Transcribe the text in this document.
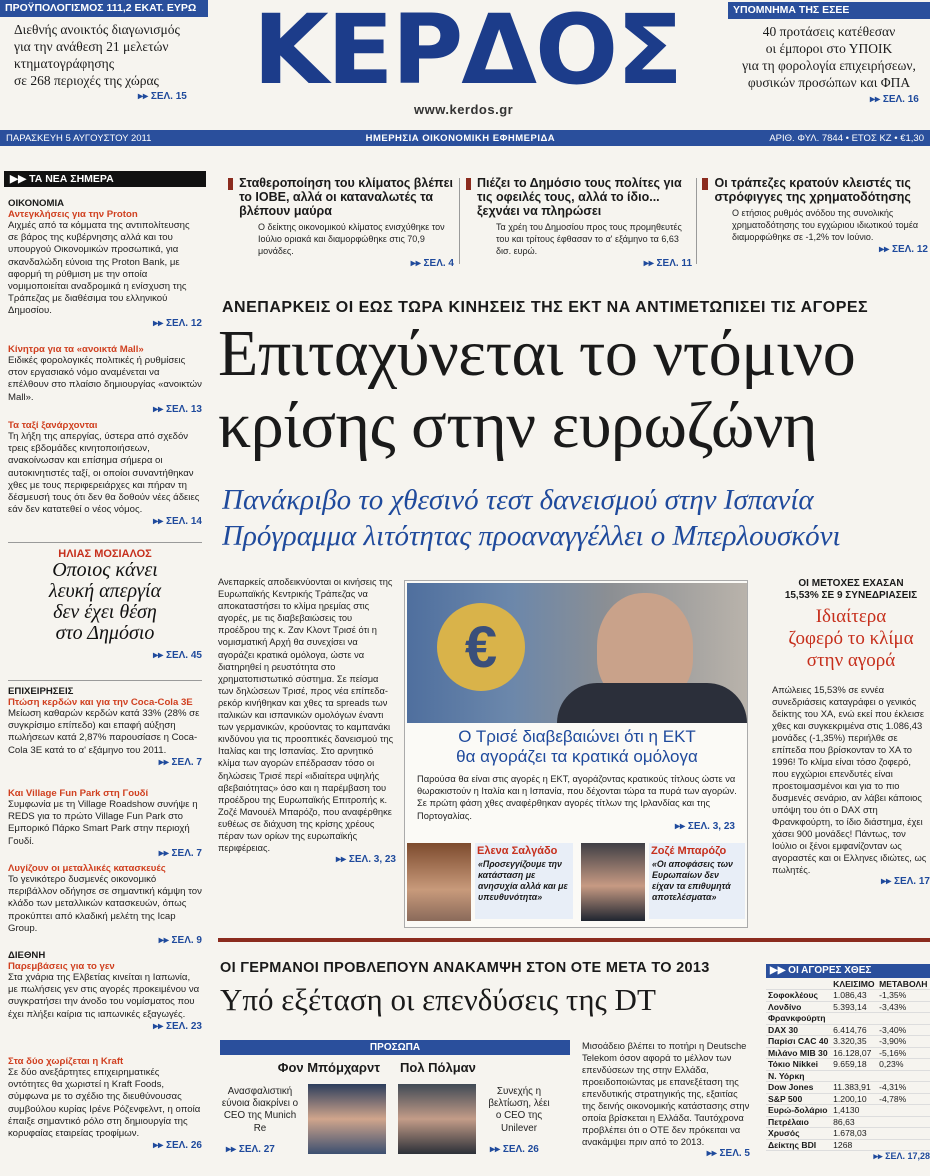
ΠΡΟΫΠΟΛΟΓΙΣΜΟΣ 111,2 ΕΚΑΤ. ΕΥΡΩ
Διεθνής ανοικτός διαγωνισμός
για την ανάθεση 21 μελετών
κτηματογράφησης
σε 268 περιοχές της χώρας
▸▸ ΣΕΛ. 15 ΚΕΡΔΟΣ
www.kerdos.gr
ΥΠΟΜΝΗΜΑ ΤΗΣ ΕΣΕΕ
40 προτάσεις κατέθεσαν
οι έμποροι στο ΥΠΟΙΚ
για τη φορολογία επιχειρήσεων,
φυσικών προσώπων και ΦΠΑ
▸▸ ΣΕΛ. 16
ΠΑΡΑΣΚΕΥΗ 5 ΑΥΓΟΥΣΤΟΥ 2011	ΗΜΕΡΗΣΙΑ ΟΙΚΟΝΟΜΙΚΗ ΕΦΗΜΕΡΙΔΑ	ΑΡΙΘ. ΦΥΛ. 7844 • ΕΤΟΣ ΚΖ • €1,30
▶▶ ΤΑ ΝΕΑ ΣΗΜΕΡΑ
ΟΙΚΟΝΟΜΙΑ
Αντεγκλήσεις για την Proton
Αιχμές από τα κόμματα της αντιπολίτευσης σε βάρος της κυβέρνησης αλλά και του υπουργού Οικονομικών προσωπικά, για σκανδαλώδη εύνοια της Proton Bank, με αφορμή τη ρύθμιση με την οποία νομιμοποιείται αναδρομικά η ενίσχυση της Τράπεζας με διαθέσιμα του ελληνικού Δημοσίου.
▸▸ ΣΕΛ. 12
Κίνητρα για τα «ανοικτά Mall»
Ειδικές φορολογικές πολιτικές ή ρυθμίσεις στον εργασιακό νόμο αναμένεται να επέλθουν στο πλαίσιο δημιουργίας «ανοικτών Mall».
▸▸ ΣΕΛ. 13
Τα ταξί ξανάρχονται
Τη λήξη της απεργίας, ύστερα από σχεδόν τρεις εβδομάδες κινητοποιήσεων, ανακοίνωσαν και επίσημα σήμερα οι αυτοκινητιστές ταξί, οι οποίοι συναντήθηκαν χθες με τους περιφερειάρχες και πήραν τη δέσμευσή τους ότι δεν θα δοθούν νέες άδειες εάν δεν κατατεθεί ο νέος νόμος.
▸▸ ΣΕΛ. 14
ΗΛΙΑΣ ΜΟΣΙΑΛΟΣ
Οποιος κάνει
λευκή απεργία
δεν έχει θέση
στο Δημόσιο
▸▸ ΣΕΛ. 45
ΕΠΙΧΕΙΡΗΣΕΙΣ
Πτώση κερδών και για την Coca-Cola 3E
Μείωση καθαρών κερδών κατά 33% (28% σε συγκρίσιμο επίπεδο) και επαφή αύξηση πωλήσεων κατά 2,87% παρουσίασε η Coca-Cola 3Ε κατά το α' εξάμηνο του 2011.
▸▸ ΣΕΛ. 7
Και Village Fun Park στη Γουδί
Συμφωνία με τη Village Roadshow συνήψε η REDS για το πρώτο Village Fun Park στο Εμπορικό Πάρκο Smart Park στην περιοχή Γουδί.
▸▸ ΣΕΛ. 7
Λυγίζουν οι μεταλλικές κατασκευές
Το γενικότερο δυσμενές οικονομικό περιβάλλον οδήγησε σε σημαντική κάμψη τον κλάδο των μεταλλικών κατασκευών, όπως προκύπτει από κλαδική μελέτη της Icap Group.
▸▸ ΣΕΛ. 9
ΔΙΕΘΝΗ
Παρεμβάσεις για το γεν
Στα χνάρια της Ελβετίας κινείται η Ιαπωνία, με πωλήσεις γεν στις αγορές προκειμένου να συγκρατήσει την άνοδο του νομίσματος που έχει πλήξει καίρια τις ιαπωνικές εξαγωγές.
▸▸ ΣΕΛ. 23
Στα δύο χωρίζεται η Kraft
Σε δύο ανεξάρτητες επιχειρηματικές οντότητες θα χωριστεί η Kraft Foods, σύμφωνα με το σχέδιο της διευθύνουσας συμβούλου κυρίας Ιρένε Ρόζενφελντ, η οποία έπαιξε σημαντικό ρόλο στη δημιουργία της κορυφαίας εταιρείας τροφίμων.
▸▸ ΣΕΛ. 26
Σταθεροποίηση του κλίματος βλέπει το ΙΟΒΕ, αλλά οι καταναλωτές τα βλέπουν μαύρα
Ο δείκτης οικονομικού κλίματος ενισχύθηκε τον Ιούλιο οριακά και διαμορφώθηκε στις 70,9 μονάδες.
▸▸ ΣΕΛ. 4
Πιέζει το Δημόσιο τους πολίτες για τις οφειλές τους, αλλά το ίδιο... ξεχνάει να πληρώσει
Τα χρέη του Δημοσίου προς τους προμηθευτές του και τρίτους έφθασαν το α' εξάμηνο τα 6,63 δισ. ευρώ.
▸▸ ΣΕΛ. 11
Οι τράπεζες κρατούν κλειστές τις στρόφιγγες της χρηματοδότησης
Ο ετήσιος ρυθμός ανόδου της συνολικής χρηματοδότησης του εγχώριου ιδιωτικού τομέα διαμορφώθηκε σε -1,2% τον Ιούνιο.
▸▸ ΣΕΛ. 12
ΑΝΕΠΑΡΚΕΙΣ ΟΙ ΕΩΣ ΤΩΡΑ ΚΙΝΗΣΕΙΣ ΤΗΣ ΕΚΤ ΝΑ ΑΝΤΙΜΕΤΩΠΙΣΕΙ ΤΙΣ ΑΓΟΡΕΣ
Επιταχύνεται το ντόμινο
κρίσης στην ευρωζώνη
Πανάκριβο το χθεσινό τεστ δανεισμού στην Ισπανία
Πρόγραμμα λιτότητας προαναγγέλλει ο Μπερλουσκόνι
Ανεπαρκείς αποδεικνύονται οι κινήσεις της Ευρωπαϊκής Κεντρικής Τράπεζας να αποκαταστήσει το κλίμα ηρεμίας στις αγορές, με τις διαβεβαιώσεις του προέδρου της κ. Ζαν Κλοντ Τρισέ ότι η νομισματική Αρχή θα συνεχίσει να αγοράζει κρατικά ομόλογα, ώστε να διατηρηθεί η ρευστότητα στο χρηματοπιστωτικό σύστημα. Σε πείσμα των δηλώσεων Τρισέ, προς νέα επίπεδα-ρεκόρ κινήθηκαν και χθες τα spreads των ιταλικών και ισπανικών ομολόγων έναντι των γερμανικών, κρούοντας το καμπανάκι κινδύνου για τις προοπτικές δανεισμού της Ιταλίας και της Ισπανίας. Στο αρνητικό κλίμα των αγορών επέδρασαν τόσο οι δηλώσεις Τρισέ περί «ιδιαίτερα υψηλής αβεβαιότητας» όσο και η παρέμβαση του προέδρου της Ευρωπαϊκής Επιτροπής κ. Ζοζέ Μανουέλ Μπαρόζο, που αναφέρθηκε ευθέως σε διάχυση της κρίσης χρέους πέραν των ορίων της ευρωπαϊκής περιφέρειας.
▸▸ ΣΕΛ. 3, 23
€
Ο Τρισέ διαβεβαιώνει ότι η ΕΚΤ
θα αγοράζει τα κρατικά ομόλογα
Παρούσα θα είναι στις αγορές η ΕΚΤ, αγοράζοντας κρατικούς τίτλους ώστε να θωρακιστούν η Ιταλία και η Ισπανία, που δέχονται τώρα τα πυρά των αγορών. Σε πρώτη φάση χθες αναφέρθηκαν αγορές τίτλων της Ιρλανδίας και της Πορτογαλίας.
▸▸ ΣΕΛ. 3, 23
Ελενα Σαλγάδο
«Προσεγγίζουμε την κατάσταση με ανησυχία αλλά και με υπευθυνότητα»
Ζοζέ Μπαρόζο
«Οι αποφάσεις των Ευρωπαίων δεν είχαν τα επιθυμητά αποτελέσματα»
ΟΙ ΜΕΤΟΧΕΣ ΕΧΑΣΑΝ
15,53% ΣΕ 9 ΣΥΝΕΔΡΙΑΣΕΙΣ
Ιδιαίτερα
ζοφερό το κλίμα
στην αγορά
Απώλειες 15,53% σε εννέα συνεδριάσεις καταγράφει ο γενικός δείκτης του ΧΑ, ενώ εκεί που έκλεισε χθες και συγκεκριμένα στις 1.086,43 μονάδες (-1,35%) περιήλθε σε επίπεδα που βρίσκονταν το ΧΑ το 1996! Το κλίμα είναι τόσο ζοφερό, που εγχώριοι επενδυτές είναι προετοιμασμένοι και για το πιο δυσμενές σενάριο, αν λάβει κάποιος υπόψη του ότι ο DAX στη Φρανκφούρτη, το ίδιο διάστημα, έχει χάσει 900 μονάδες! Πάντως, τον Ιούλιο οι ξένοι εμφανίζονταν ως αγοραστές και οι Ελληνες ιδιώτες, ως πωλητές.
▸▸ ΣΕΛ. 17
ΟΙ ΓΕΡΜΑΝΟΙ ΠΡΟΒΛΕΠΟΥΝ ΑΝΑΚΑΜΨΗ ΣΤΟΝ ΟΤΕ ΜΕΤΑ ΤΟ 2013
Υπό εξέταση οι επενδύσεις της DT
ΠΡΟΣΩΠΑ
Φον Μπόμχαρντ Πολ Πόλμαν
Ανασφαλιστική εύνοια διακρίνει ο CEO της Munich Re
Συνεχής η βελτίωση, λέει ο CEO της Unilever
▸▸ ΣΕΛ. 27	▸▸ ΣΕΛ. 26
Μισοάδειο βλέπει το ποτήρι η Deutsche Telekom όσον αφορά το μέλλον των επενδύσεων της στην Ελλάδα, προειδοποιώντας με επανεξέταση της επενδυτικής στρατηγικής της, εξαιτίας της δεινής οικονομικής κατάστασης στην οποία βρίσκεται η Ελλάδα. Ταυτόχρονα προβλέπει ότι ο ΟΤΕ δεν πρόκειται να ανακάμψει πριν από το 2013.
▸▸ ΣΕΛ. 5
▶▶ ΟΙ ΑΓΟΡΕΣ ΧΘΕΣ
	ΚΛΕΙΣΙΜΟ	ΜΕΤΑΒΟΛΗ
Σοφοκλέους	1.086,43	-1,35%
Λονδίνο	5.393,14	-3,43%
Φρανκφούρτη		
DAX 30	6.414,76	-3,40%
Παρίσι CAC 40	3.320,35	-3,90%
Μιλάνο MIB 30	16.128,07	-5,16%
Τόκιο Nikkei	9.659,18	0,23%
Ν. Υόρκη		
Dow Jones	11.383,91	-4,31%
S&P 500	1.200,10	-4,78%
Ευρώ-δολάριο	1,4130	
Πετρέλαιο	86,63	
Χρυσός	1.678,03	
Δείκτης BDI	1268	
▸▸ ΣΕΛ. 17,28
